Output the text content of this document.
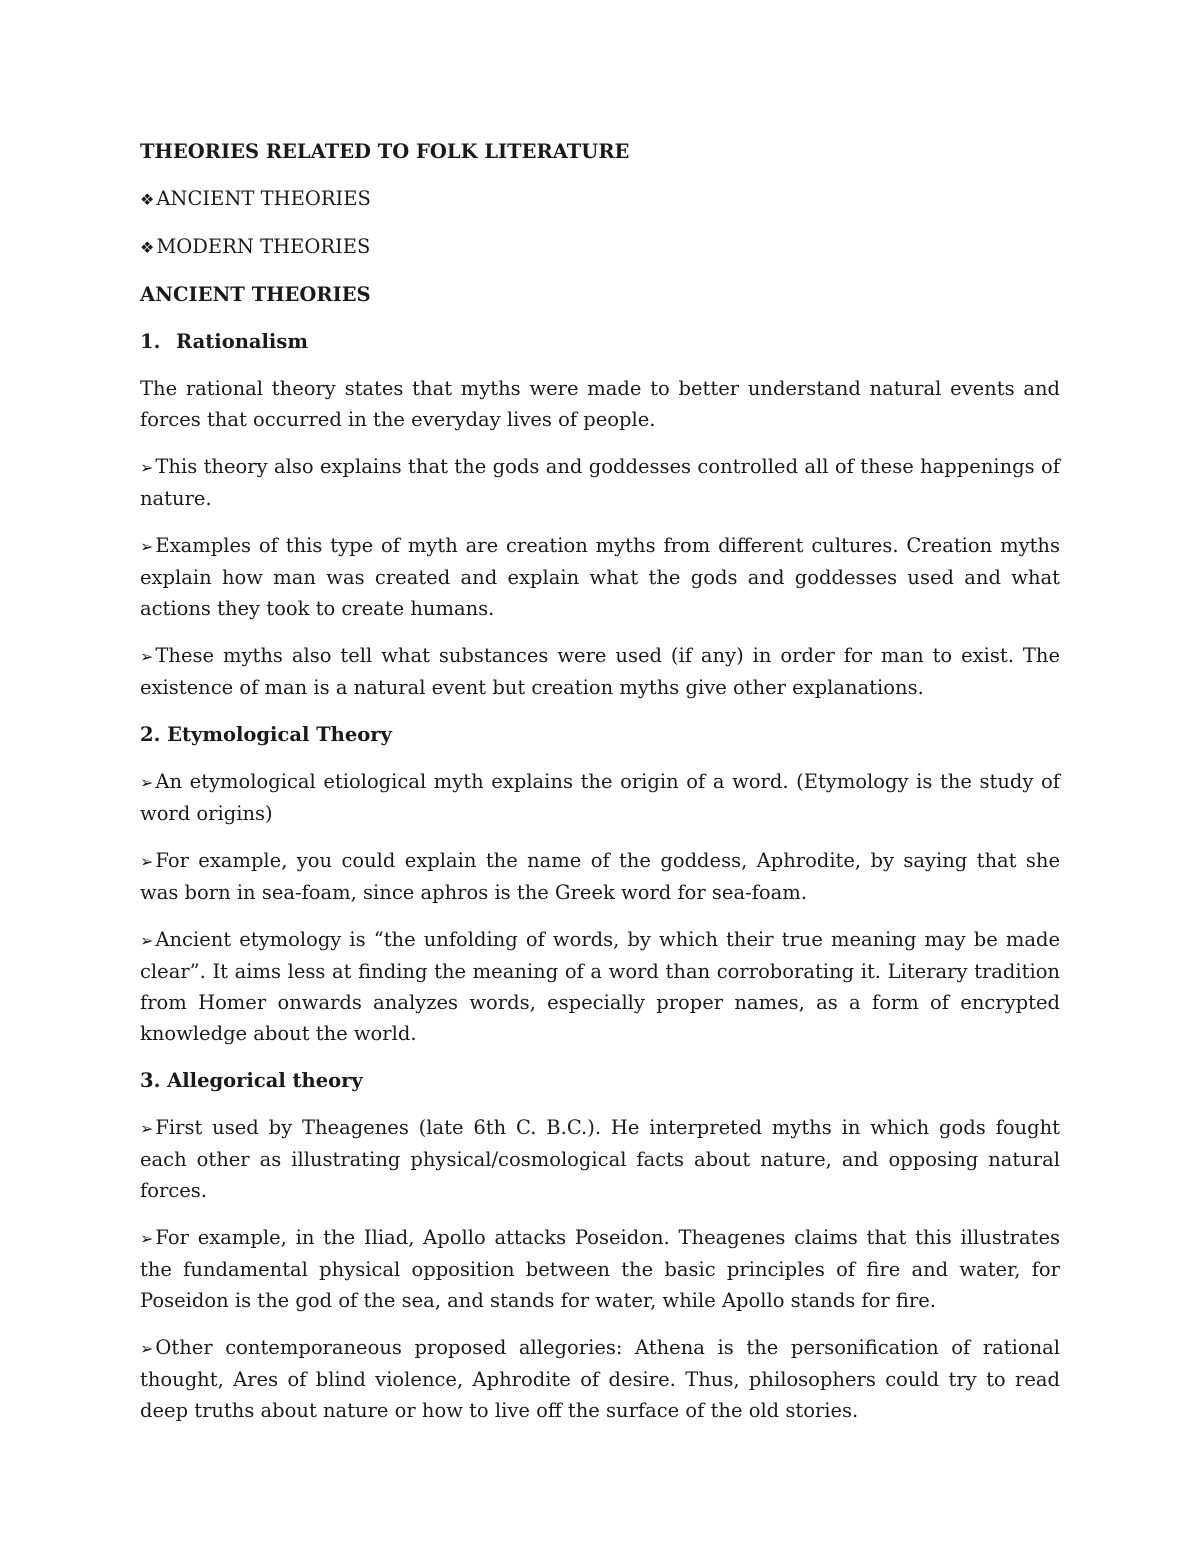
THEORIES RELATED TO FOLK LITERATURE

❖ ANCIENT THEORIES

❖ MODERN THEORIES

ANCIENT THEORIES

1. Rationalism

The rational theory states that myths were made to better understand natural events and forces that occurred in the everyday lives of people.

➢ This theory also explains that the gods and goddesses controlled all of these happenings of nature.

➢ Examples of this type of myth are creation myths from different cultures. Creation myths explain how man was created and explain what the gods and goddesses used and what actions they took to create humans.

➢ These myths also tell what substances were used (if any) in order for man to exist. The existence of man is a natural event but creation myths give other explanations.

2. Etymological Theory

➢ An etymological etiological myth explains the origin of a word. (Etymology is the study of word origins)

➢ For example, you could explain the name of the goddess, Aphrodite, by saying that she was born in sea-foam, since aphros is the Greek word for sea-foam.

➢ Ancient etymology is “the unfolding of words, by which their true meaning may be made clear”. It aims less at finding the meaning of a word than corroborating it. Literary tradition from Homer onwards analyzes words, especially proper names, as a form of encrypted knowledge about the world.

3. Allegorical theory

➢ First used by Theagenes (late 6th C. B.C.). He interpreted myths in which gods fought each other as illustrating physical/cosmological facts about nature, and opposing natural forces.

➢ For example, in the Iliad, Apollo attacks Poseidon. Theagenes claims that this illustrates the fundamental physical opposition between the basic principles of fire and water, for Poseidon is the god of the sea, and stands for water, while Apollo stands for fire.

➢ Other contemporaneous proposed allegories: Athena is the personification of rational thought, Ares of blind violence, Aphrodite of desire. Thus, philosophers could try to read deep truths about nature or how to live off the surface of the old stories.
